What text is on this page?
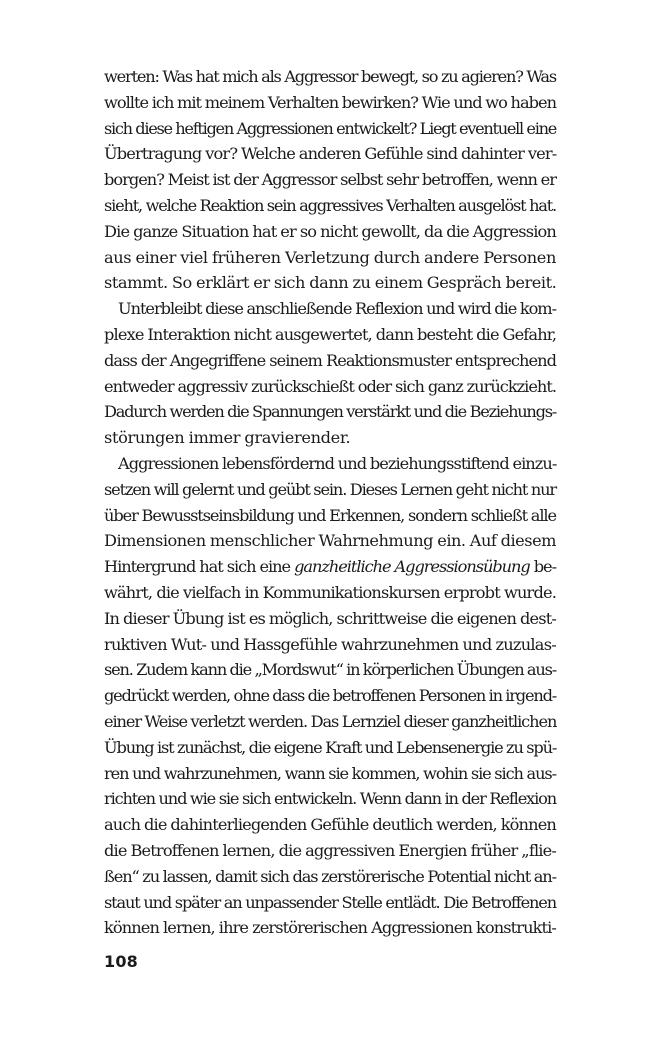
werten: Was hat mich als Aggressor bewegt, so zu agieren? Was
wollte ich mit meinem Verhalten bewirken? Wie und wo haben
sich diese heftigen Aggressionen entwickelt? Liegt eventuell eine
Übertragung vor? Welche anderen Gefühle sind dahinter ver-
borgen? Meist ist der Aggressor selbst sehr betroffen, wenn er
sieht, welche Reaktion sein aggressives Verhalten ausgelöst hat.
Die ganze Situation hat er so nicht gewollt, da die Aggression
aus einer viel früheren Verletzung durch andere Personen
stammt. So erklärt er sich dann zu einem Gespräch bereit.
Unterbleibt diese anschließende Reflexion und wird die kom-
plexe Interaktion nicht ausgewertet, dann besteht die Gefahr,
dass der Angegriffene seinem Reaktionsmuster entsprechend
entweder aggressiv zurückschießt oder sich ganz zurückzieht.
Dadurch werden die Spannungen verstärkt und die Beziehungs-
störungen immer gravierender.
Aggressionen lebensfördernd und beziehungsstiftend einzu-
setzen will gelernt und geübt sein. Dieses Lernen geht nicht nur
über Bewusstseinsbildung und Erkennen, sondern schließt alle
Dimensionen menschlicher Wahrnehmung ein. Auf diesem
Hintergrund hat sich eine ganzheitliche Aggressionsübung be-
währt, die vielfach in Kommunikationskursen erprobt wurde.
In dieser Übung ist es möglich, schrittweise die eigenen dest-
ruktiven Wut- und Hassgefühle wahrzunehmen und zuzulas-
sen. Zudem kann die „Mordswut“ in körperlichen Übungen aus-
gedrückt werden, ohne dass die betroffenen Personen in irgend-
einer Weise verletzt werden. Das Lernziel dieser ganzheitlichen
Übung ist zunächst, die eigene Kraft und Lebensenergie zu spü-
ren und wahrzunehmen, wann sie kommen, wohin sie sich aus-
richten und wie sie sich entwickeln. Wenn dann in der Reflexion
auch die dahinterliegenden Gefühle deutlich werden, können
die Betroffenen lernen, die aggressiven Energien früher „flie-
ßen“ zu lassen, damit sich das zerstörerische Potential nicht an-
staut und später an unpassender Stelle entlädt. Die Betroffenen
können lernen, ihre zerstörerischen Aggressionen konstrukti-
108
